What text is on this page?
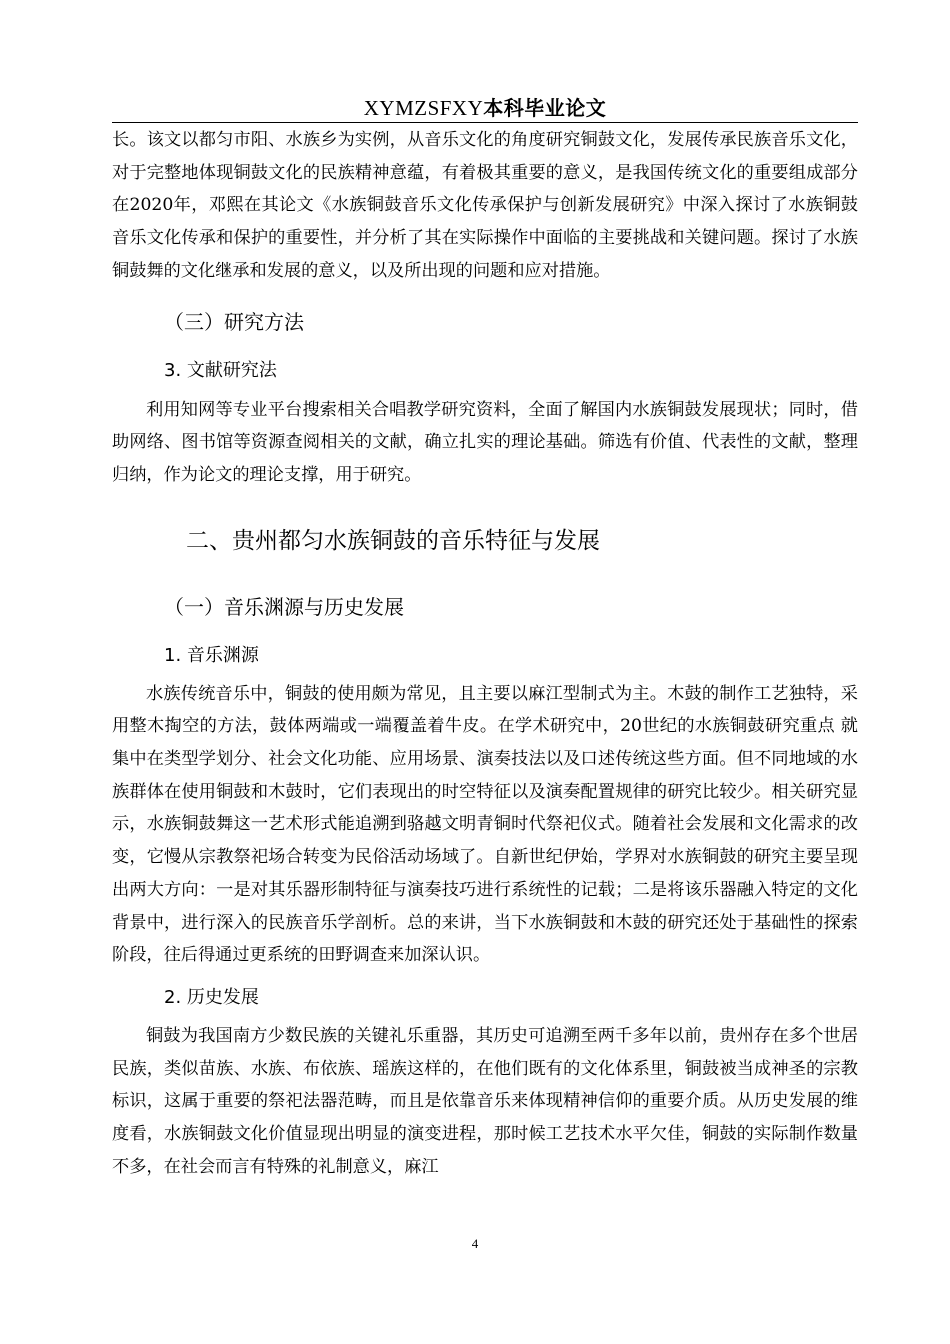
XYMZSFXY本科毕业论文

长。该文以都匀市阳、水族乡为实例，从音乐文化的角度研究铜鼓文化，发展传承民族音乐文化，对于完整地体现铜鼓文化的民族精神意蕴，有着极其重要的意义，是我国传统文化的重要组成部分在2020年，邓熙在其论文《水族铜鼓音乐文化传承保护与创新发展研究》中深入探讨了水族铜鼓音乐文化传承和保护的重要性，并分析了其在实际操作中面临的主要挑战和关键问题。探讨了水族铜鼓舞的文化继承和发展的意义，以及所出现的问题和应对措施。

（三）研究方法
3. 文献研究法

利用知网等专业平台搜索相关合唱教学研究资料，全面了解国内水族铜鼓发展现状；同时，借助网络、图书馆等资源查阅相关的文献，确立扎实的理论基础。筛选有价值、代表性的文献，整理归纳，作为论文的理论支撑，用于研究。

二、贵州都匀水族铜鼓的音乐特征与发展
（一）音乐渊源与历史发展
1. 音乐渊源

水族传统音乐中，铜鼓的使用颇为常见，且主要以麻江型制式为主。木鼓的制作工艺独特，采用整木掏空的方法，鼓体两端或一端覆盖着牛皮。在学术研究中，20世纪的水族铜鼓研究重点 就集中在类型学划分、社会文化功能、应用场景、演奏技法以及口述传统这些方面。但不同地域的水族群体在使用铜鼓和木鼓时，它们表现出的时空特征以及演奏配置规律的研究比较少。相关研究显示，水族铜鼓舞这一艺术形式能追溯到骆越文明青铜时代祭祀仪式。随着社会发展和文化需求的改变，它慢从宗教祭祀场合转变为民俗活动场域了。自新世纪伊始，学界对水族铜鼓的研究主要呈现出两大方向：一是对其乐器形制特征与演奏技巧进行系统性的记载；二是将该乐器融入特定的文化背景中，进行深入的民族音乐学剖析。总的来讲，当下水族铜鼓和木鼓的研究还处于基础性的探索阶段，往后得通过更系统的田野调查来加深认识。

2. 历史发展

铜鼓为我国南方少数民族的关键礼乐重器，其历史可追溯至两千多年以前，贵州存在多个世居民族，类似苗族、水族、布依族、瑶族这样的，在他们既有的文化体系里，铜鼓被当成神圣的宗教标识，这属于重要的祭祀法器范畴，而且是依靠音乐来体现精神信仰的重要介质。从历史发展的维度看，水族铜鼓文化价值显现出明显的演变进程，那时候工艺技术水平欠佳，铜鼓的实际制作数量不多，在社会而言有特殊的礼制意义，麻江

4
